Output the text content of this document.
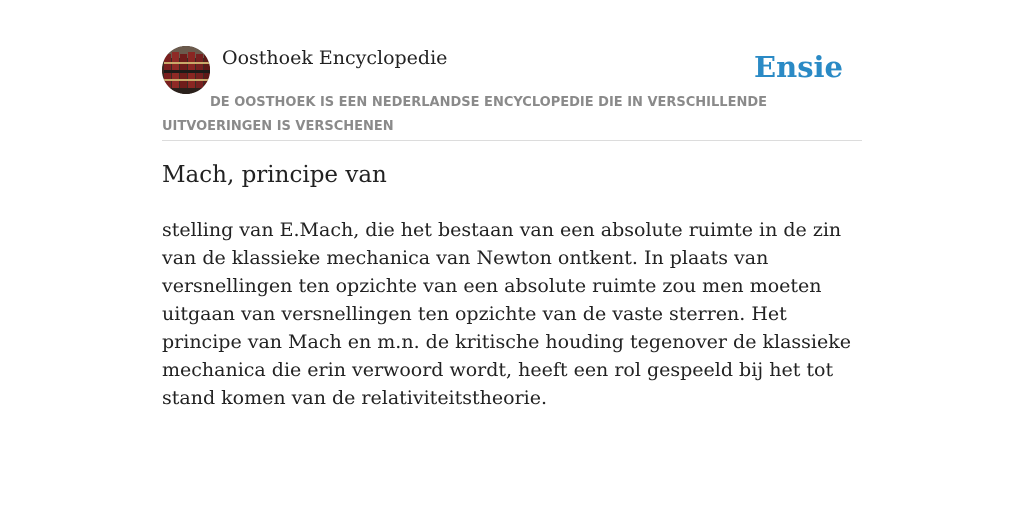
Oosthoek Encyclopedie	Ensie
DE OOSTHOEK IS EEN NEDERLANDSE ENCYCLOPEDIE DIE IN VERSCHILLENDE UITVOERINGEN IS VERSCHENEN
Mach, principe van

stelling van E.Mach, die het bestaan van een absolute ruimte in de zin van de klassieke mechanica van Newton ontkent. In plaats van versnellingen ten opzichte van een absolute ruimte zou men moeten uitgaan van versnellingen ten opzichte van de vaste sterren. Het principe van Mach en m.n. de kritische houding tegenover de klassieke mechanica die erin verwoord wordt, heeft een rol gespeeld bij het tot stand komen van de relativiteitstheorie.
